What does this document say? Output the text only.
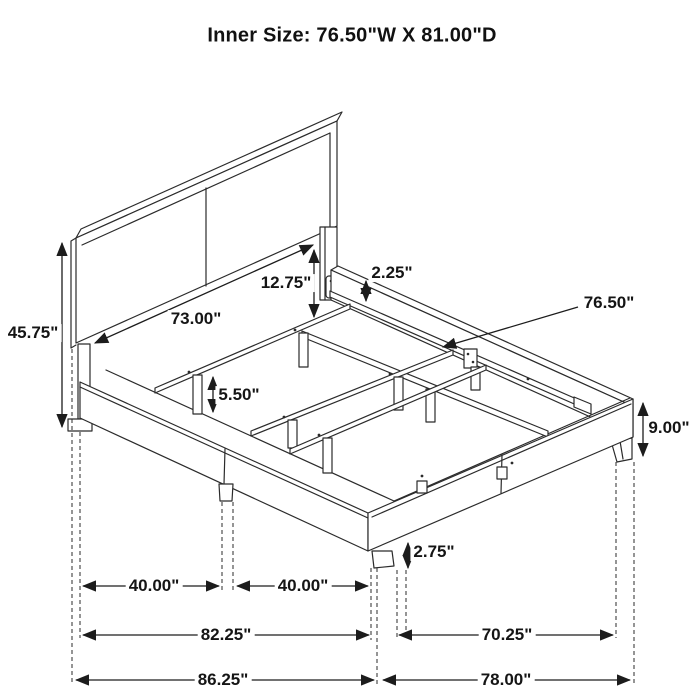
Inner Size: 76.50"W X 81.00"D
45.75"
73.00"
12.75"
2.25"
76.50"
5.50"
9.00"
2.75"
40.00"	40.00"
82.25"	70.25"
86.25"	78.00"
